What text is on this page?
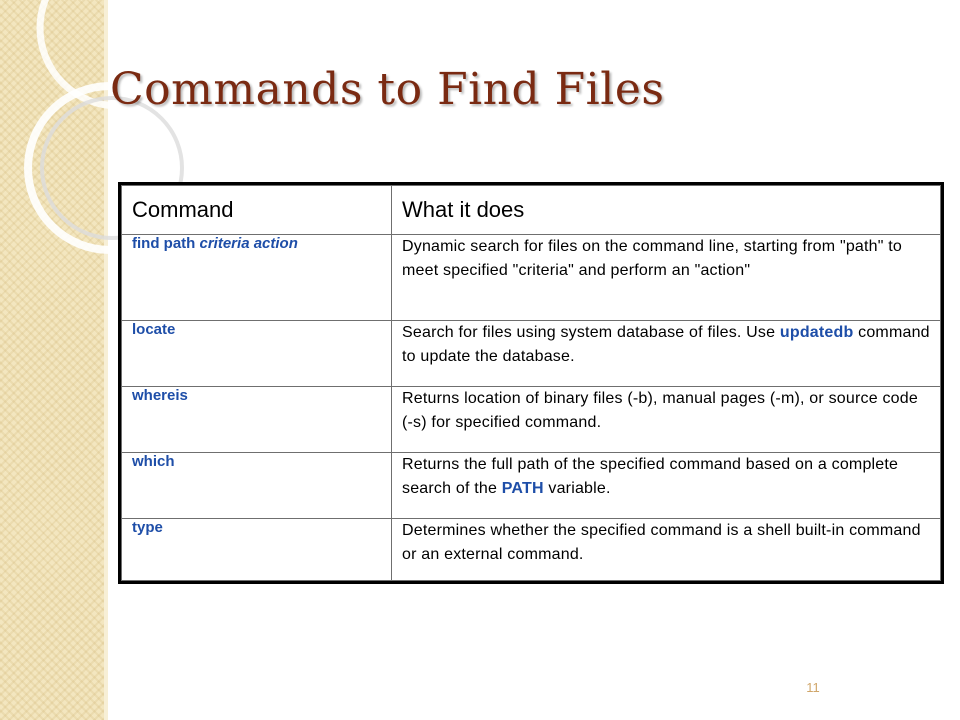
Commands to Find Files
Command	What it does
find path criteria action	Dynamic search for files on the command line, starting from "path" to meet specified "criteria" and perform an "action"
locate	Search for files using system database of files. Use updatedb command to update the database.
whereis	Returns location of binary files (-b), manual pages (-m), or source code (-s) for specified command.
which	Returns the full path of the specified command based on a complete search of the PATH variable.
type	Determines whether the specified command is a shell built-in command or an external command.
11
